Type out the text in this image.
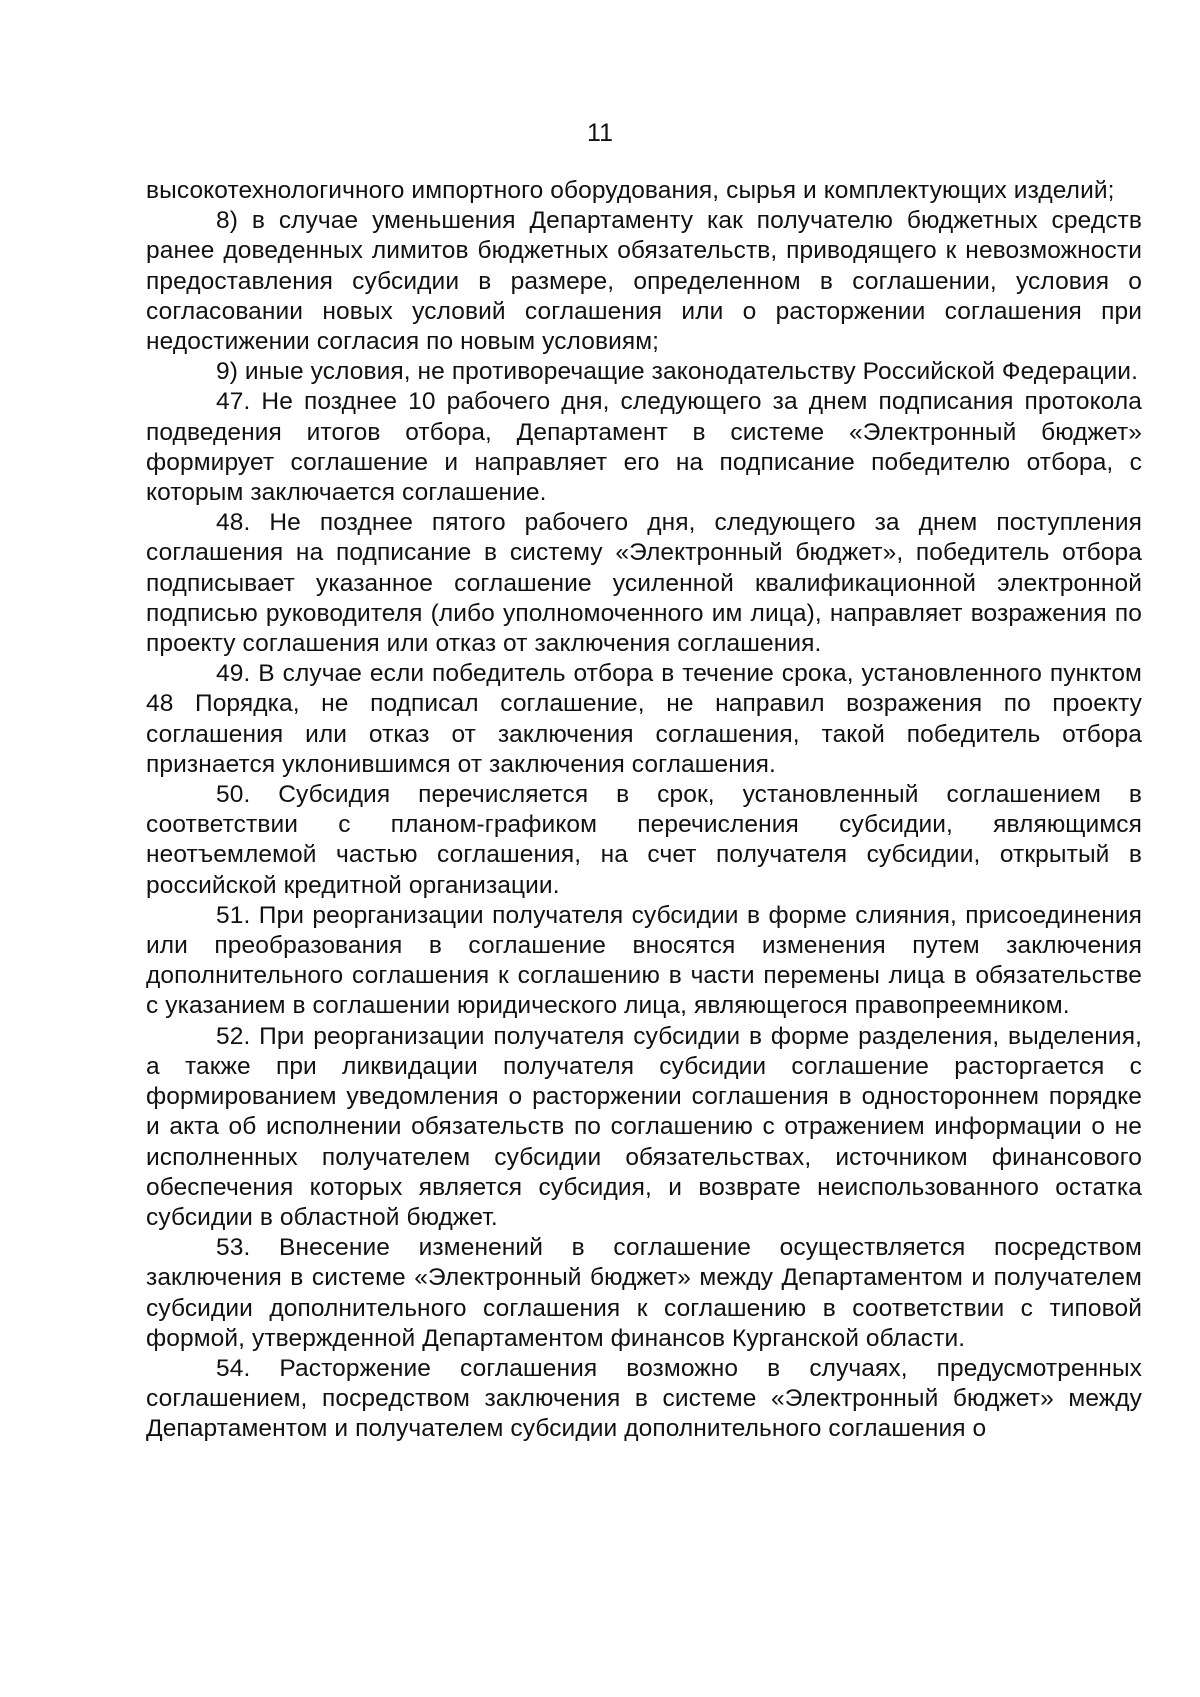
11

высокотехнологичного импортного оборудования, сырья и комплектующих изделий;

8) в случае уменьшения Департаменту как получателю бюджетных средств ранее доведенных лимитов бюджетных обязательств, приводящего к невозможности предоставления субсидии в размере, определенном в соглашении, условия о согласовании новых условий соглашения или о расторжении соглашения при недостижении согласия по новым условиям;

9) иные условия, не противоречащие законодательству Российской Федерации.

47. Не позднее 10 рабочего дня, следующего за днем подписания протокола подведения итогов отбора, Департамент в системе «Электронный бюджет» формирует соглашение и направляет его на подписание победителю отбора, с которым заключается соглашение.

48. Не позднее пятого рабочего дня, следующего за днем поступления соглашения на подписание в систему «Электронный бюджет», победитель отбора подписывает указанное соглашение усиленной квалификационной электронной подписью руководителя (либо уполномоченного им лица), направляет возражения по проекту соглашения или отказ от заключения соглашения.

49. В случае если победитель отбора в течение срока, установленного пунктом 48 Порядка, не подписал соглашение, не направил возражения по проекту соглашения или отказ от заключения соглашения, такой победитель отбора признается уклонившимся от заключения соглашения.

50. Субсидия перечисляется в срок, установленный соглашением в соответствии с планом-графиком перечисления субсидии, являющимся неотъемлемой частью соглашения, на счет получателя субсидии, открытый в российской кредитной организации.

51. При реорганизации получателя субсидии в форме слияния, присоединения или преобразования в соглашение вносятся изменения путем заключения дополнительного соглашения к соглашению в части перемены лица в обязательстве с указанием в соглашении юридического лица, являющегося правопреемником.

52. При реорганизации получателя субсидии в форме разделения, выделения, а также при ликвидации получателя субсидии соглашение расторгается с формированием уведомления о расторжении соглашения в одностороннем порядке и акта об исполнении обязательств по соглашению с отражением информации о не исполненных получателем субсидии обязательствах, источником финансового обеспечения которых является субсидия, и возврате неиспользованного остатка субсидии в областной бюджет.

53. Внесение изменений в соглашение осуществляется посредством заключения в системе «Электронный бюджет» между Департаментом и получателем субсидии дополнительного соглашения к соглашению в соответствии с типовой формой, утвержденной Департаментом финансов Курганской области.

54. Расторжение соглашения возможно в случаях, предусмотренных соглашением, посредством заключения в системе «Электронный бюджет» между Департаментом и получателем субсидии дополнительного соглашения о
